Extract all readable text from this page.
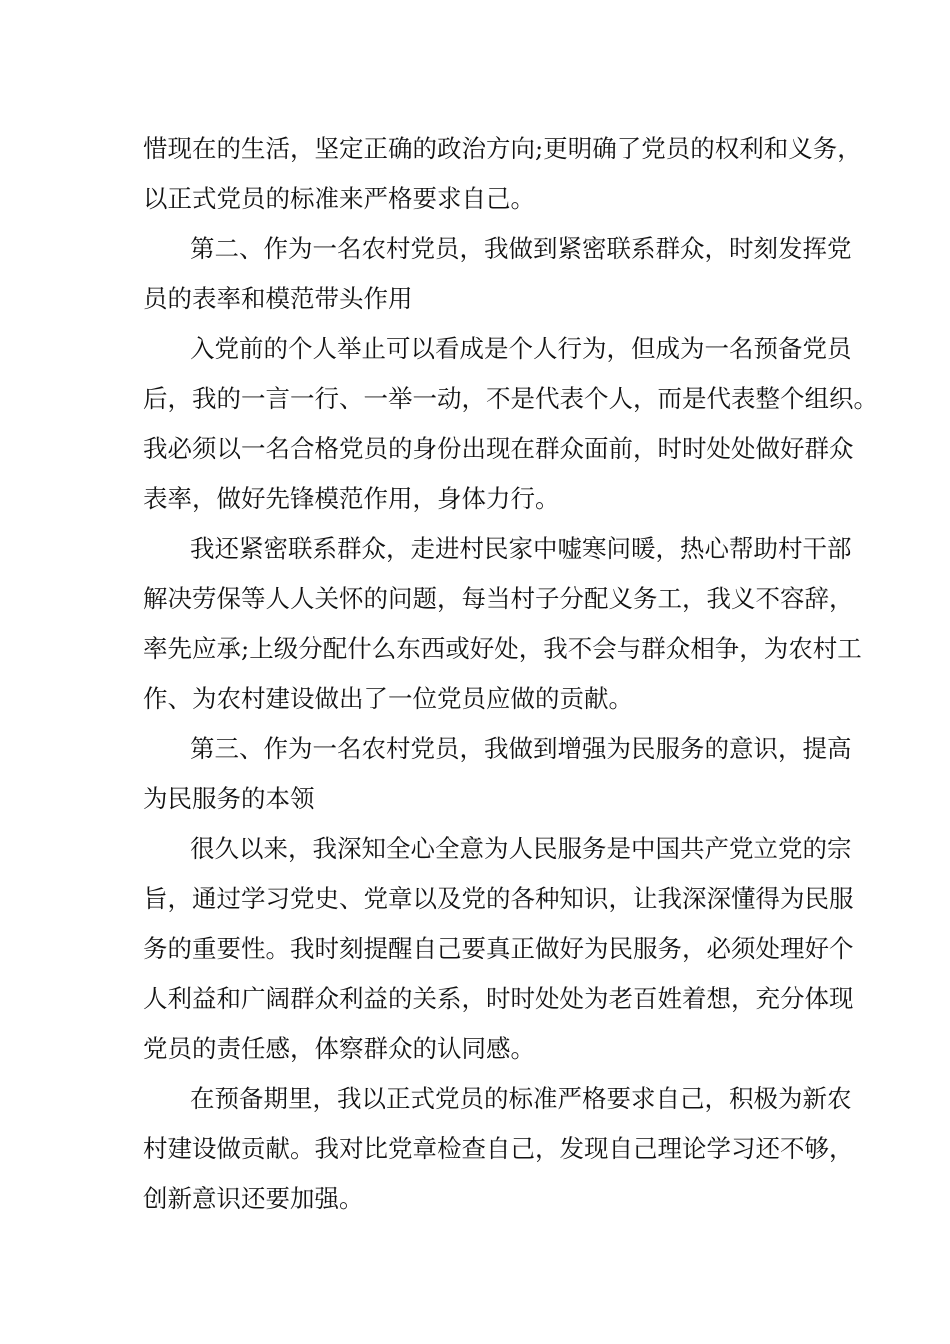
惜现在的生活，坚定正确的政治方向;更明确了党员的权利和义务，
以正式党员的标准来严格要求自己。
第二、作为一名农村党员，我做到紧密联系群众，时刻发挥党
员的表率和模范带头作用
入党前的个人举止可以看成是个人行为，但成为一名预备党员
后，我的一言一行、一举一动，不是代表个人，而是代表整个组织。
我必须以一名合格党员的身份出现在群众面前，时时处处做好群众
表率，做好先锋模范作用，身体力行。
我还紧密联系群众，走进村民家中嘘寒问暖，热心帮助村干部
解决劳保等人人关怀的问题，每当村子分配义务工，我义不容辞，
率先应承;上级分配什么东西或好处，我不会与群众相争，为农村工
作、为农村建设做出了一位党员应做的贡献。
第三、作为一名农村党员，我做到增强为民服务的意识，提高
为民服务的本领
很久以来，我深知全心全意为人民服务是中国共产党立党的宗
旨，通过学习党史、党章以及党的各种知识，让我深深懂得为民服
务的重要性。我时刻提醒自己要真正做好为民服务，必须处理好个
人利益和广阔群众利益的关系，时时处处为老百姓着想，充分体现
党员的责任感，体察群众的认同感。
在预备期里，我以正式党员的标准严格要求自己，积极为新农
村建设做贡献。我对比党章检查自己，发现自己理论学习还不够，
创新意识还要加强。
